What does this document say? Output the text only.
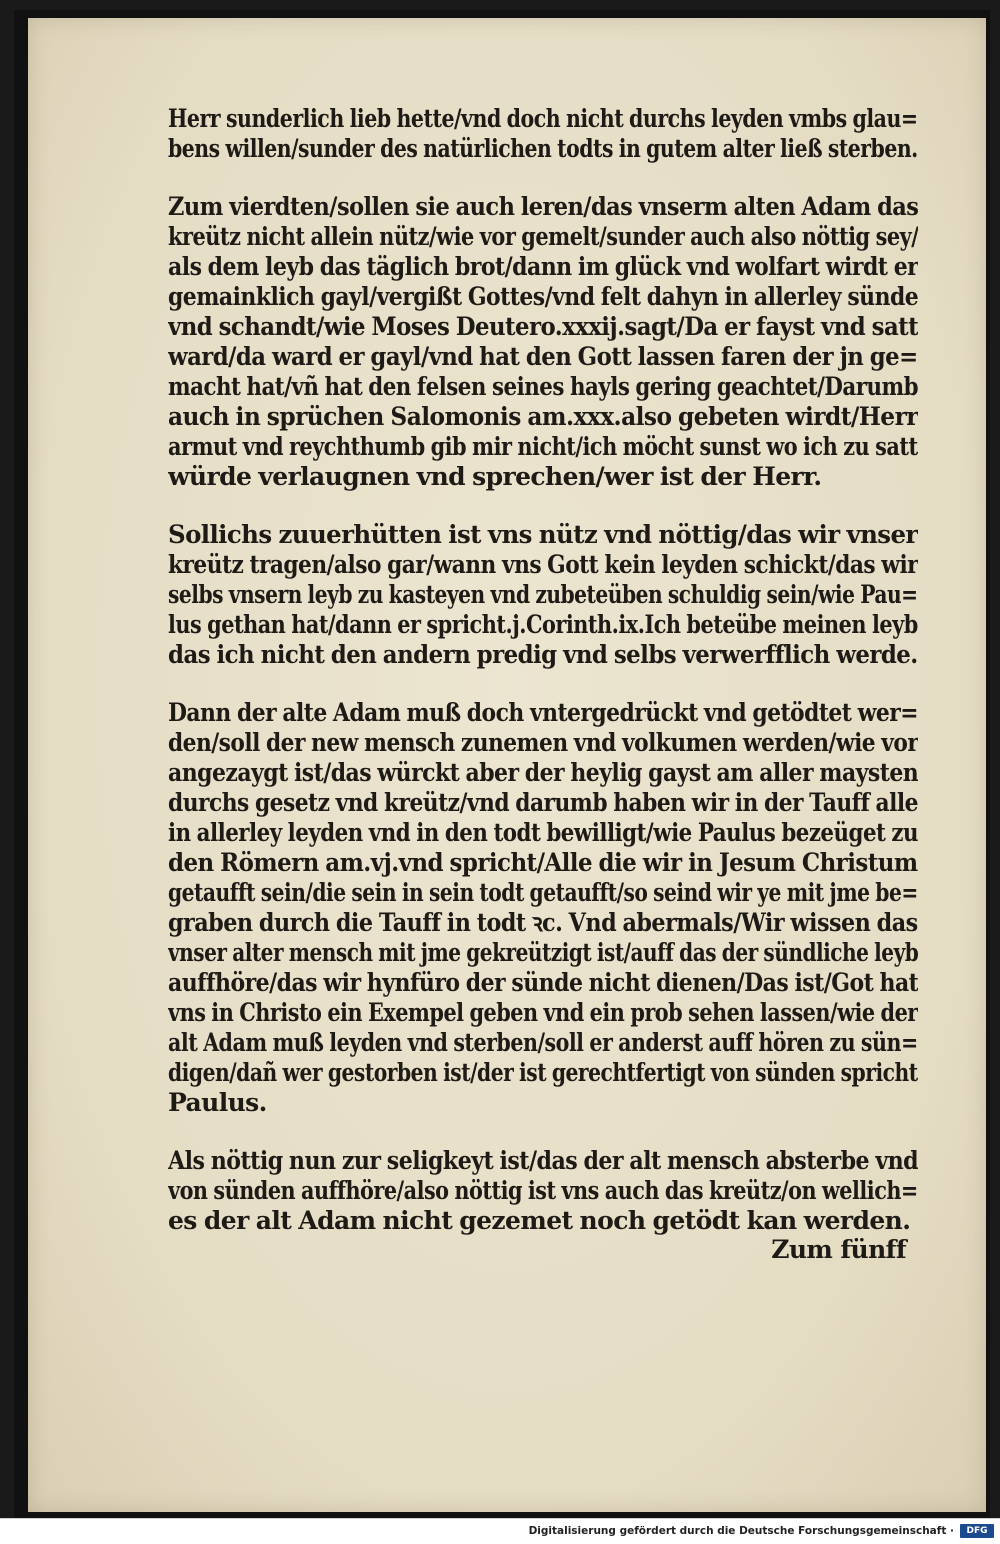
Herr sunderlich lieb hette/vnd doch nicht durchs leyden vmbs glau=
bens willen/sunder des natürlichen todts in gutem alter ließ sterben.
Zum vierdten/sollen sie auch leren/das vnserm alten Adam das
kreütz nicht allein nütz/wie vor gemelt/sunder auch also nöttig sey/
als dem leyb das täglich brot/dann im glück vnd wolfart wirdt er
gemainklich gayl/vergißt Gottes/vnd felt dahyn in allerley sünde
vnd schandt/wie Moses Deutero.xxxij.sagt/Da er fayst vnd satt
ward/da ward er gayl/vnd hat den Gott lassen faren der jn ge=
macht hat/vñ hat den felsen seines hayls gering geachtet/Darumb
auch in sprüchen Salomonis am.xxx.also gebeten wirdt/Herr
armut vnd reychthumb gib mir nicht/ich möcht sunst wo ich zu satt
würde verlaugnen vnd sprechen/wer ist der Herr.
Sollichs zuuerhütten ist vns nütz vnd nöttig/das wir vnser
kreütz tragen/also gar/wann vns Gott kein leyden schickt/das wir
selbs vnsern leyb zu kasteyen vnd zubeteüben schuldig sein/wie Pau=
lus gethan hat/dann er spricht.j.Corinth.ix.Ich beteübe meinen leyb
das ich nicht den andern predig vnd selbs verwerfflich werde.
Dann der alte Adam muß doch vntergedrückt vnd getödtet wer=
den/soll der new mensch zunemen vnd volkumen werden/wie vor
angezaygt ist/das würckt aber der heylig gayst am aller maysten
durchs gesetz vnd kreütz/vnd darumb haben wir in der Tauff alle
in allerley leyden vnd in den todt bewilligt/wie Paulus bezeüget zu
den Römern am.vj.vnd spricht/Alle die wir in Jesum Christum
getaufft sein/die sein in sein todt getaufft/so seind wir ye mit jme be=
graben durch die Tauff in todt ꝛc. Vnd abermals/Wir wissen das
vnser alter mensch mit jme gekreützigt ist/auff das der sündliche leyb
auffhöre/das wir hynfüro der sünde nicht dienen/Das ist/Got hat
vns in Christo ein Exempel geben vnd ein prob sehen lassen/wie der
alt Adam muß leyden vnd sterben/soll er anderst auff hören zu sün=
digen/dañ wer gestorben ist/der ist gerechtfertigt von sünden spricht
Paulus.
Als nöttig nun zur seligkeyt ist/das der alt mensch absterbe vnd
von sünden auffhöre/also nöttig ist vns auch das kreütz/on wellich=
es der alt Adam nicht gezemet noch getödt kan werden.
Zum fünff
Digitalisierung gefördert durch die Deutsche Forschungsgemeinschaft ·	DFG
